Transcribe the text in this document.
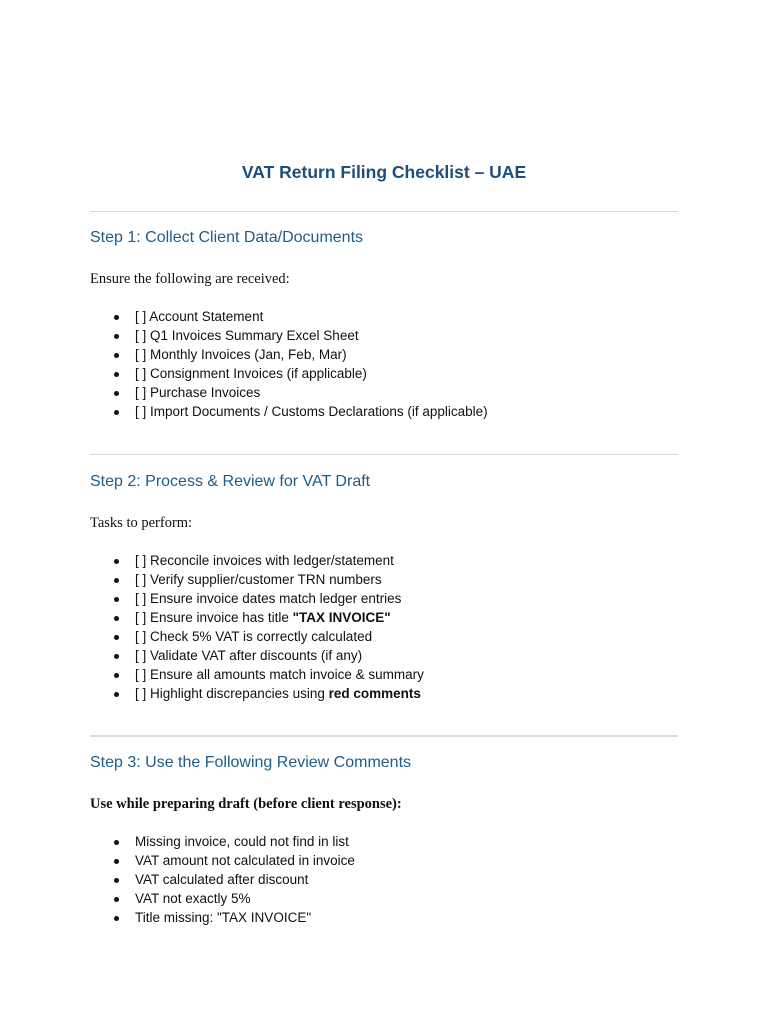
VAT Return Filing Checklist – UAE
Step 1: Collect Client Data/Documents

Ensure the following are received:

[ ] Account Statement
[ ] Q1 Invoices Summary Excel Sheet
[ ] Monthly Invoices (Jan, Feb, Mar)
[ ] Consignment Invoices (if applicable)
[ ] Purchase Invoices
[ ] Import Documents / Customs Declarations (if applicable)
Step 2: Process & Review for VAT Draft

Tasks to perform:

[ ] Reconcile invoices with ledger/statement
[ ] Verify supplier/customer TRN numbers
[ ] Ensure invoice dates match ledger entries
[ ] Ensure invoice has title "TAX INVOICE"
[ ] Check 5% VAT is correctly calculated
[ ] Validate VAT after discounts (if any)
[ ] Ensure all amounts match invoice & summary
[ ] Highlight discrepancies using red comments
Step 3: Use the Following Review Comments

Use while preparing draft (before client response):

Missing invoice, could not find in list
VAT amount not calculated in invoice
VAT calculated after discount
VAT not exactly 5%
Title missing: "TAX INVOICE"
